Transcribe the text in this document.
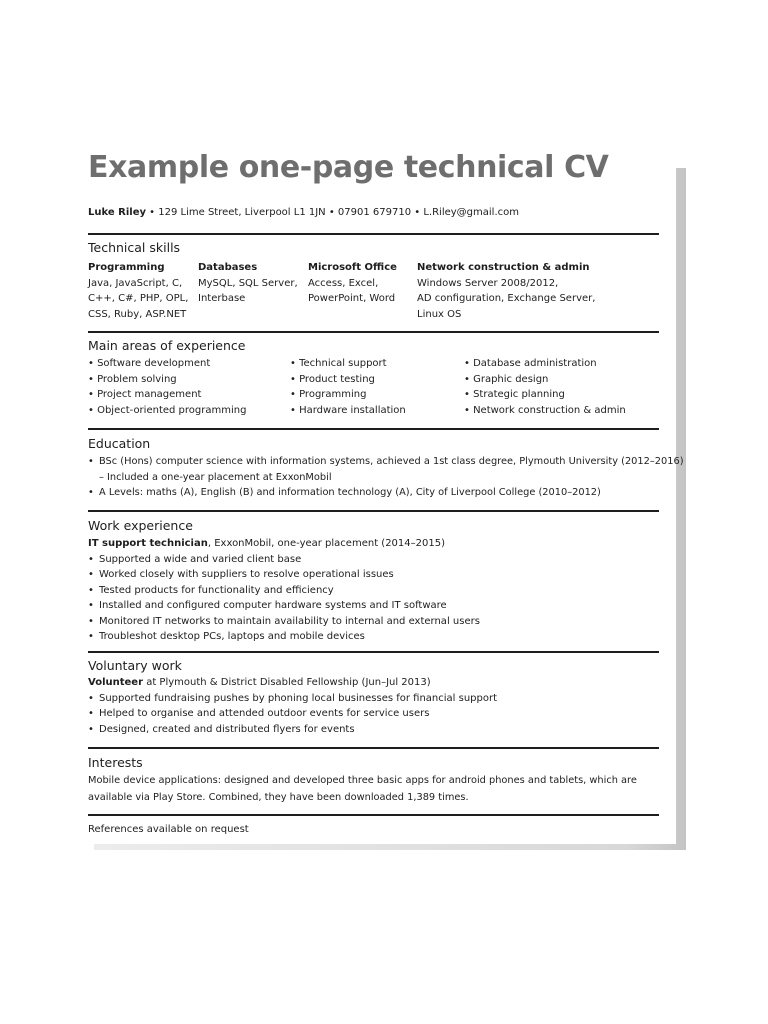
Example one-page technical CV
Luke Riley • 129 Lime Street, Liverpool L1 1JN • 07901 679710 • L.Riley@gmail.com
Technical skills
Programming
Java, JavaScript, C,
C++, C#, PHP, OPL,
CSS, Ruby, ASP.NET
Databases
MySQL, SQL Server,
Interbase
Microsoft Office
Access, Excel,
PowerPoint, Word
Network construction & admin
Windows Server 2008/2012,
AD configuration, Exchange Server,
Linux OS
Main areas of experience
• Software development
• Problem solving
• Project management
• Object-oriented programming
• Technical support
• Product testing
• Programming
• Hardware installation
• Database administration
• Graphic design
• Strategic planning
• Network construction & admin
Education
• BSc (Hons) computer science with information systems, achieved a 1st class degree, Plymouth University (2012–2016)
– Included a one-year placement at ExxonMobil
• A Levels: maths (A), English (B) and information technology (A), City of Liverpool College (2010–2012)
Work experience
IT support technician, ExxonMobil, one-year placement (2014–2015)
• Supported a wide and varied client base
• Worked closely with suppliers to resolve operational issues
• Tested products for functionality and efficiency
• Installed and configured computer hardware systems and IT software
• Monitored IT networks to maintain availability to internal and external users
• Troubleshot desktop PCs, laptops and mobile devices
Voluntary work
Volunteer at Plymouth & District Disabled Fellowship (Jun–Jul 2013)
• Supported fundraising pushes by phoning local businesses for financial support
• Helped to organise and attended outdoor events for service users
• Designed, created and distributed flyers for events
Interests
Mobile device applications: designed and developed three basic apps for android phones and tablets, which are available via Play Store. Combined, they have been downloaded 1,389 times.
References available on request
